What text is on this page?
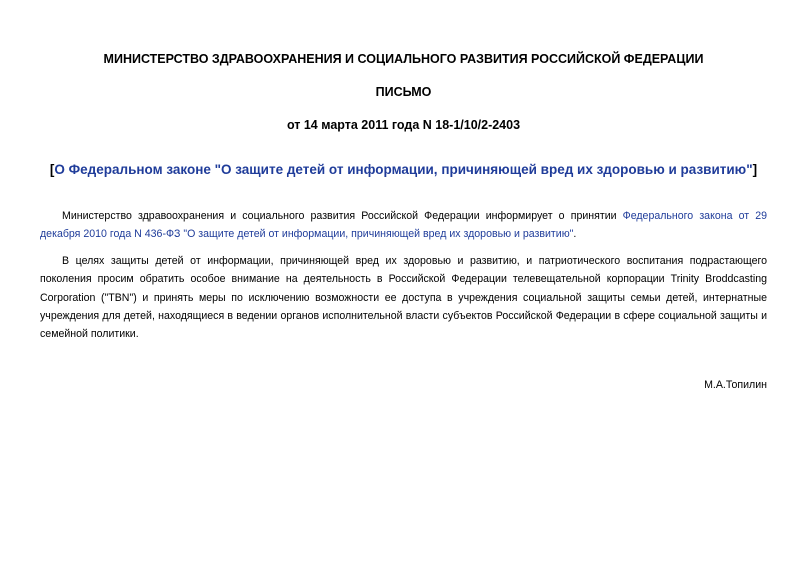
МИНИСТЕРСТВО ЗДРАВООХРАНЕНИЯ И СОЦИАЛЬНОГО РАЗВИТИЯ РОССИЙСКОЙ ФЕДЕРАЦИИ
ПИСЬМО
от 14 марта 2011 года N 18-1/10/2-2403
[О Федеральном законе "О защите детей от информации, причиняющей вред их здоровью и развитию"]
Министерство здравоохранения и социального развития Российской Федерации информирует о принятии Федерального закона от 29 декабря 2010 года N 436-ФЗ "О защите детей от информации, причиняющей вред их здоровью и развитию".
В целях защиты детей от информации, причиняющей вред их здоровью и развитию, и патриотического воспитания подрастающего поколения просим обратить особое внимание на деятельность в Российской Федерации телевещательной корпорации Trinity Broddcasting Corporation ("TBN") и принять меры по исключению возможности ее доступа в учреждения социальной защиты семьи детей, интернатные учреждения для детей, находящиеся в ведении органов исполнительной власти субъектов Российской Федерации в сфере социальной защиты и семейной политики.
М.А.Топилин
